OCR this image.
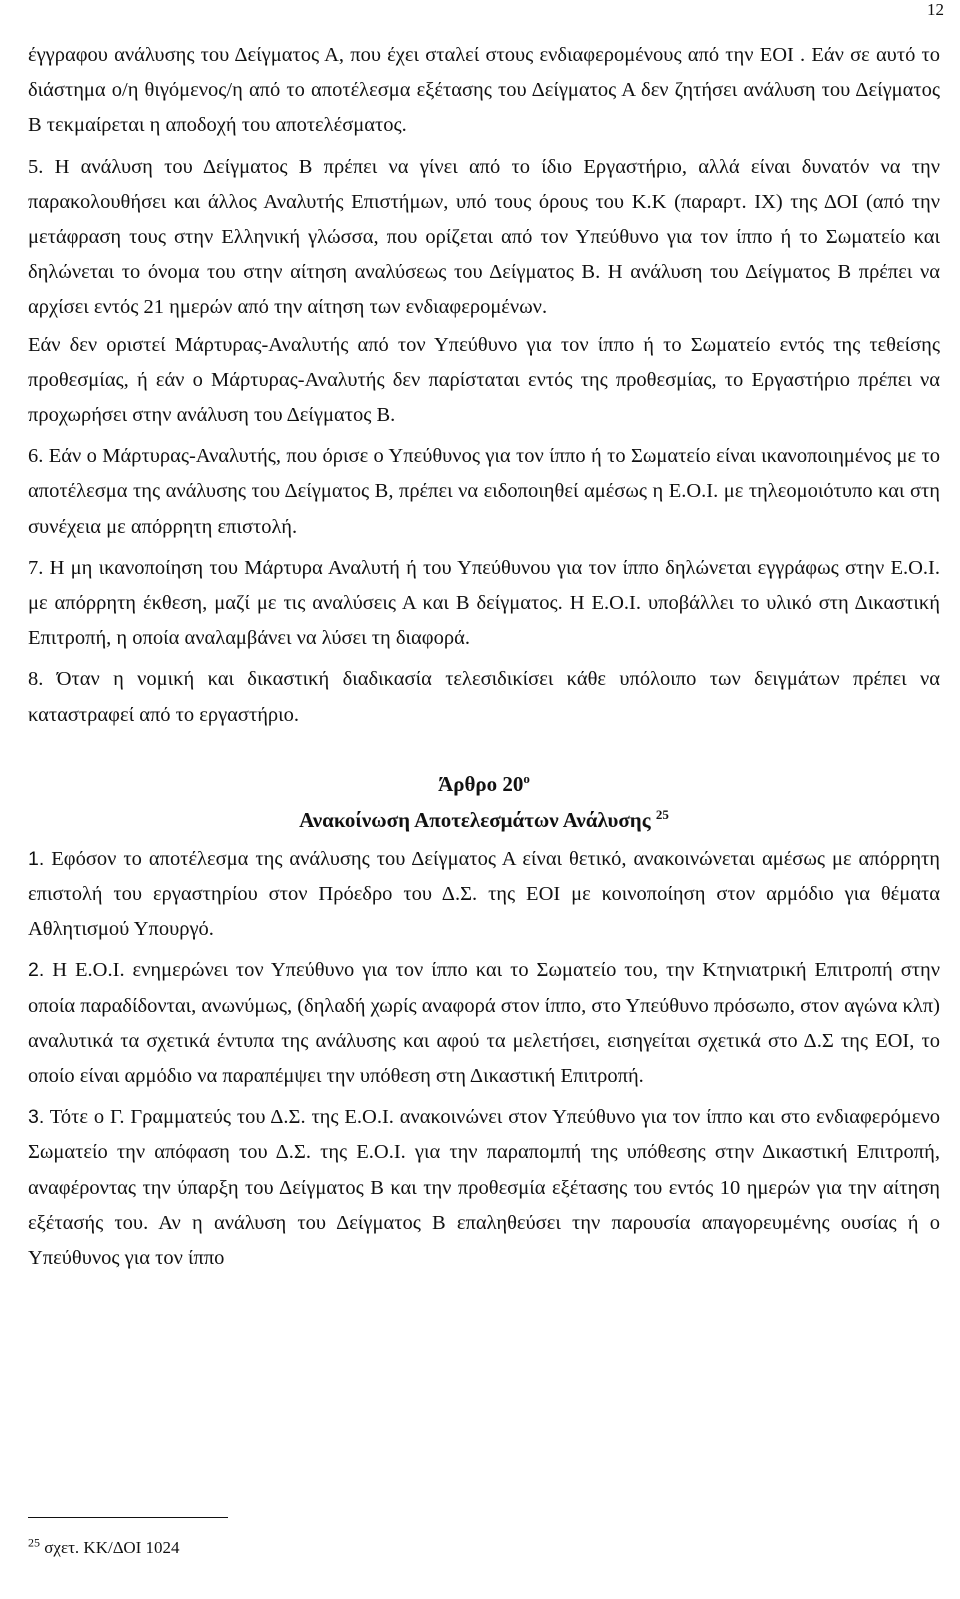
12

έγγραφου ανάλυσης του Δείγματος Α, που έχει σταλεί στους ενδιαφερομένους από την ΕΟΙ . Εάν σε αυτό το διάστημα ο/η θιγόμενος/η από το αποτέλεσμα εξέτασης του Δείγματος Α δεν ζητήσει ανάλυση του Δείγματος Β τεκμαίρεται η αποδοχή του αποτελέσματος.

5. Η ανάλυση του Δείγματος Β πρέπει να γίνει από το ίδιο Εργαστήριο, αλλά είναι δυνατόν να την παρακολουθήσει και άλλος Αναλυτής Επιστήμων, υπό τους όρους του Κ.Κ (παραρτ. ΙΧ) της ΔΟΙ (από την μετάφραση τους στην Ελληνική γλώσσα, που ορίζεται από τον Υπεύθυνο για τον ίππο ή το Σωματείο και δηλώνεται το όνομα του στην αίτηση αναλύσεως του Δείγματος Β. Η ανάλυση του Δείγματος Β πρέπει να αρχίσει εντός 21 ημερών από την αίτηση των ενδιαφερομένων.

Εάν δεν οριστεί Μάρτυρας-Αναλυτής από τον Υπεύθυνο για τον ίππο ή το Σωματείο εντός της τεθείσης προθεσμίας, ή εάν ο Μάρτυρας-Αναλυτής δεν παρίσταται εντός της προθεσμίας, το Εργαστήριο πρέπει να προχωρήσει στην ανάλυση του Δείγματος Β.

6. Εάν ο Μάρτυρας-Αναλυτής, που όρισε ο Υπεύθυνος για τον ίππο ή το Σωματείο είναι ικανοποιημένος με το αποτέλεσμα της ανάλυσης του Δείγματος Β, πρέπει να ειδοποιηθεί αμέσως η Ε.Ο.Ι. με τηλεομοιότυπο και στη συνέχεια με απόρρητη επιστολή.

7. Η μη ικανοποίηση του Μάρτυρα Αναλυτή ή του Υπεύθυνου για τον ίππο δηλώνεται εγγράφως στην Ε.Ο.Ι. με απόρρητη έκθεση, μαζί με τις αναλύσεις Α και Β δείγματος. Η Ε.Ο.Ι. υποβάλλει το υλικό στη Δικαστική Επιτροπή, η οποία αναλαμβάνει να λύσει τη διαφορά.

8. Όταν η νομική και δικαστική διαδικασία τελεσιδικίσει κάθε υπόλοιπο των δειγμάτων πρέπει να καταστραφεί από το εργαστήριο.

Άρθρο $20^o$
Ανακοίνωση Αποτελεσμάτων Ανάλυσης $^{25}$

1. Εφόσον το αποτέλεσμα της ανάλυσης του Δείγματος Α είναι θετικό, ανακοινώνεται αμέσως με απόρρητη επιστολή του εργαστηρίου στον Πρόεδρο του Δ.Σ. της ΕΟΙ με κοινοποίηση στον αρμόδιο για θέματα Αθλητισμού Υπουργό.

2. Η Ε.Ο.Ι. ενημερώνει τον Υπεύθυνο για τον ίππο και το Σωματείο του, την Κτηνιατρική Επιτροπή στην οποία παραδίδονται, ανωνύμως, (δηλαδή χωρίς αναφορά στον ίππο, στο Υπεύθυνο πρόσωπο, στον αγώνα κλπ) αναλυτικά τα σχετικά έντυπα της ανάλυσης και αφού τα μελετήσει, εισηγείται σχετικά στο Δ.Σ της ΕΟΙ, το οποίο είναι αρμόδιο να παραπέμψει την υπόθεση στη Δικαστική Επιτροπή.

3. Τότε ο Γ. Γραμματεύς του Δ.Σ. της Ε.Ο.Ι. ανακοινώνει στον Υπεύθυνο για τον ίππο και στο ενδιαφερόμενο Σωματείο την απόφαση του Δ.Σ. της Ε.Ο.Ι. για την παραπομπή της υπόθεσης στην Δικαστική Επιτροπή, αναφέροντας την ύπαρξη του Δείγματος Β και την προθεσμία εξέτασης του εντός 10 ημερών για την αίτηση εξέτασής του. Αν η ανάλυση του Δείγματος Β επαληθεύσει την παρουσία απαγορευμένης ουσίας ή ο Υπεύθυνος για τον ίππο

$^{25}$ σχετ. ΚΚ/ΔΟΙ 1024
